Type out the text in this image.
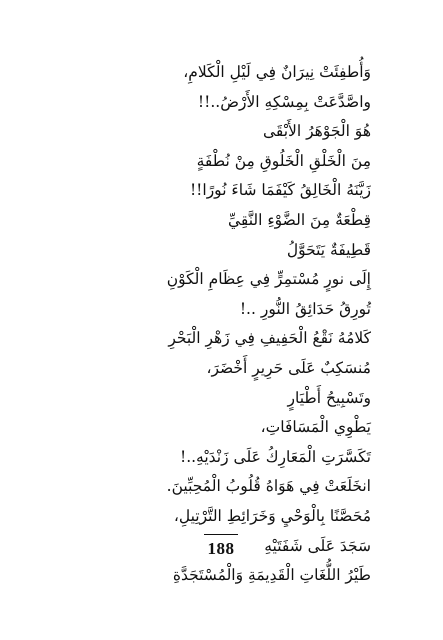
وَأُطفِئَتْ نِيرَانٌ فِي لَيْلِ الْكَلامِ،
واصَّدَّعَتْ بِمِسْكِهِ الأَرْضُ..!!
هُوَ الْجَوْهَرُ الأَبْقَى
مِنَ الْخَلْقِ الْخَلُوقِ مِنْ نُطْفَةٍ
زَيَّنَهُ الْخَالِقُ كَيْفَمَا شَاءَ نُورًا!!
قِطْعَةٌ مِنَ الضَّوْءِ النَّقِيِّ
قَطِيفَةٌ يَتَحَوَّلُ
إِلَى نورٍ مُسْتمِرٍّ فِي عِظَامِ الْكَوْنِ
تُورِقُ حَدَائِقُ النُّورِ ..!
كَلامُهُ نَقْعُ الْحَفِيفِ فِي زَهْرِ الْبَحْرِ
مُنسَكِبٌ عَلَى حَرِيرٍ أَخْضَرَ،
وتَسْبِيحُ أَطْيَارٍ
يَطْوِي الْمَسَافَاتِ،
تَكَسَّرَتِ الْمَعَارِكُ عَلَى زَنْدَيْهِ..!
انخَلَعَتْ فِي هَوَاهُ قُلُوبُ الْمُحِبِّينَ.
مُحَصَّنًا بِالْوَحْيِ وَخَرَائِطِ التَّرْتِيلِ،
سَجَدَ عَلَى شَفَتَيْهِ
طَيْرُ اللُّغَاتِ الْقَدِيمَةِ وَالْمُسْتَجَدَّةِ
188
